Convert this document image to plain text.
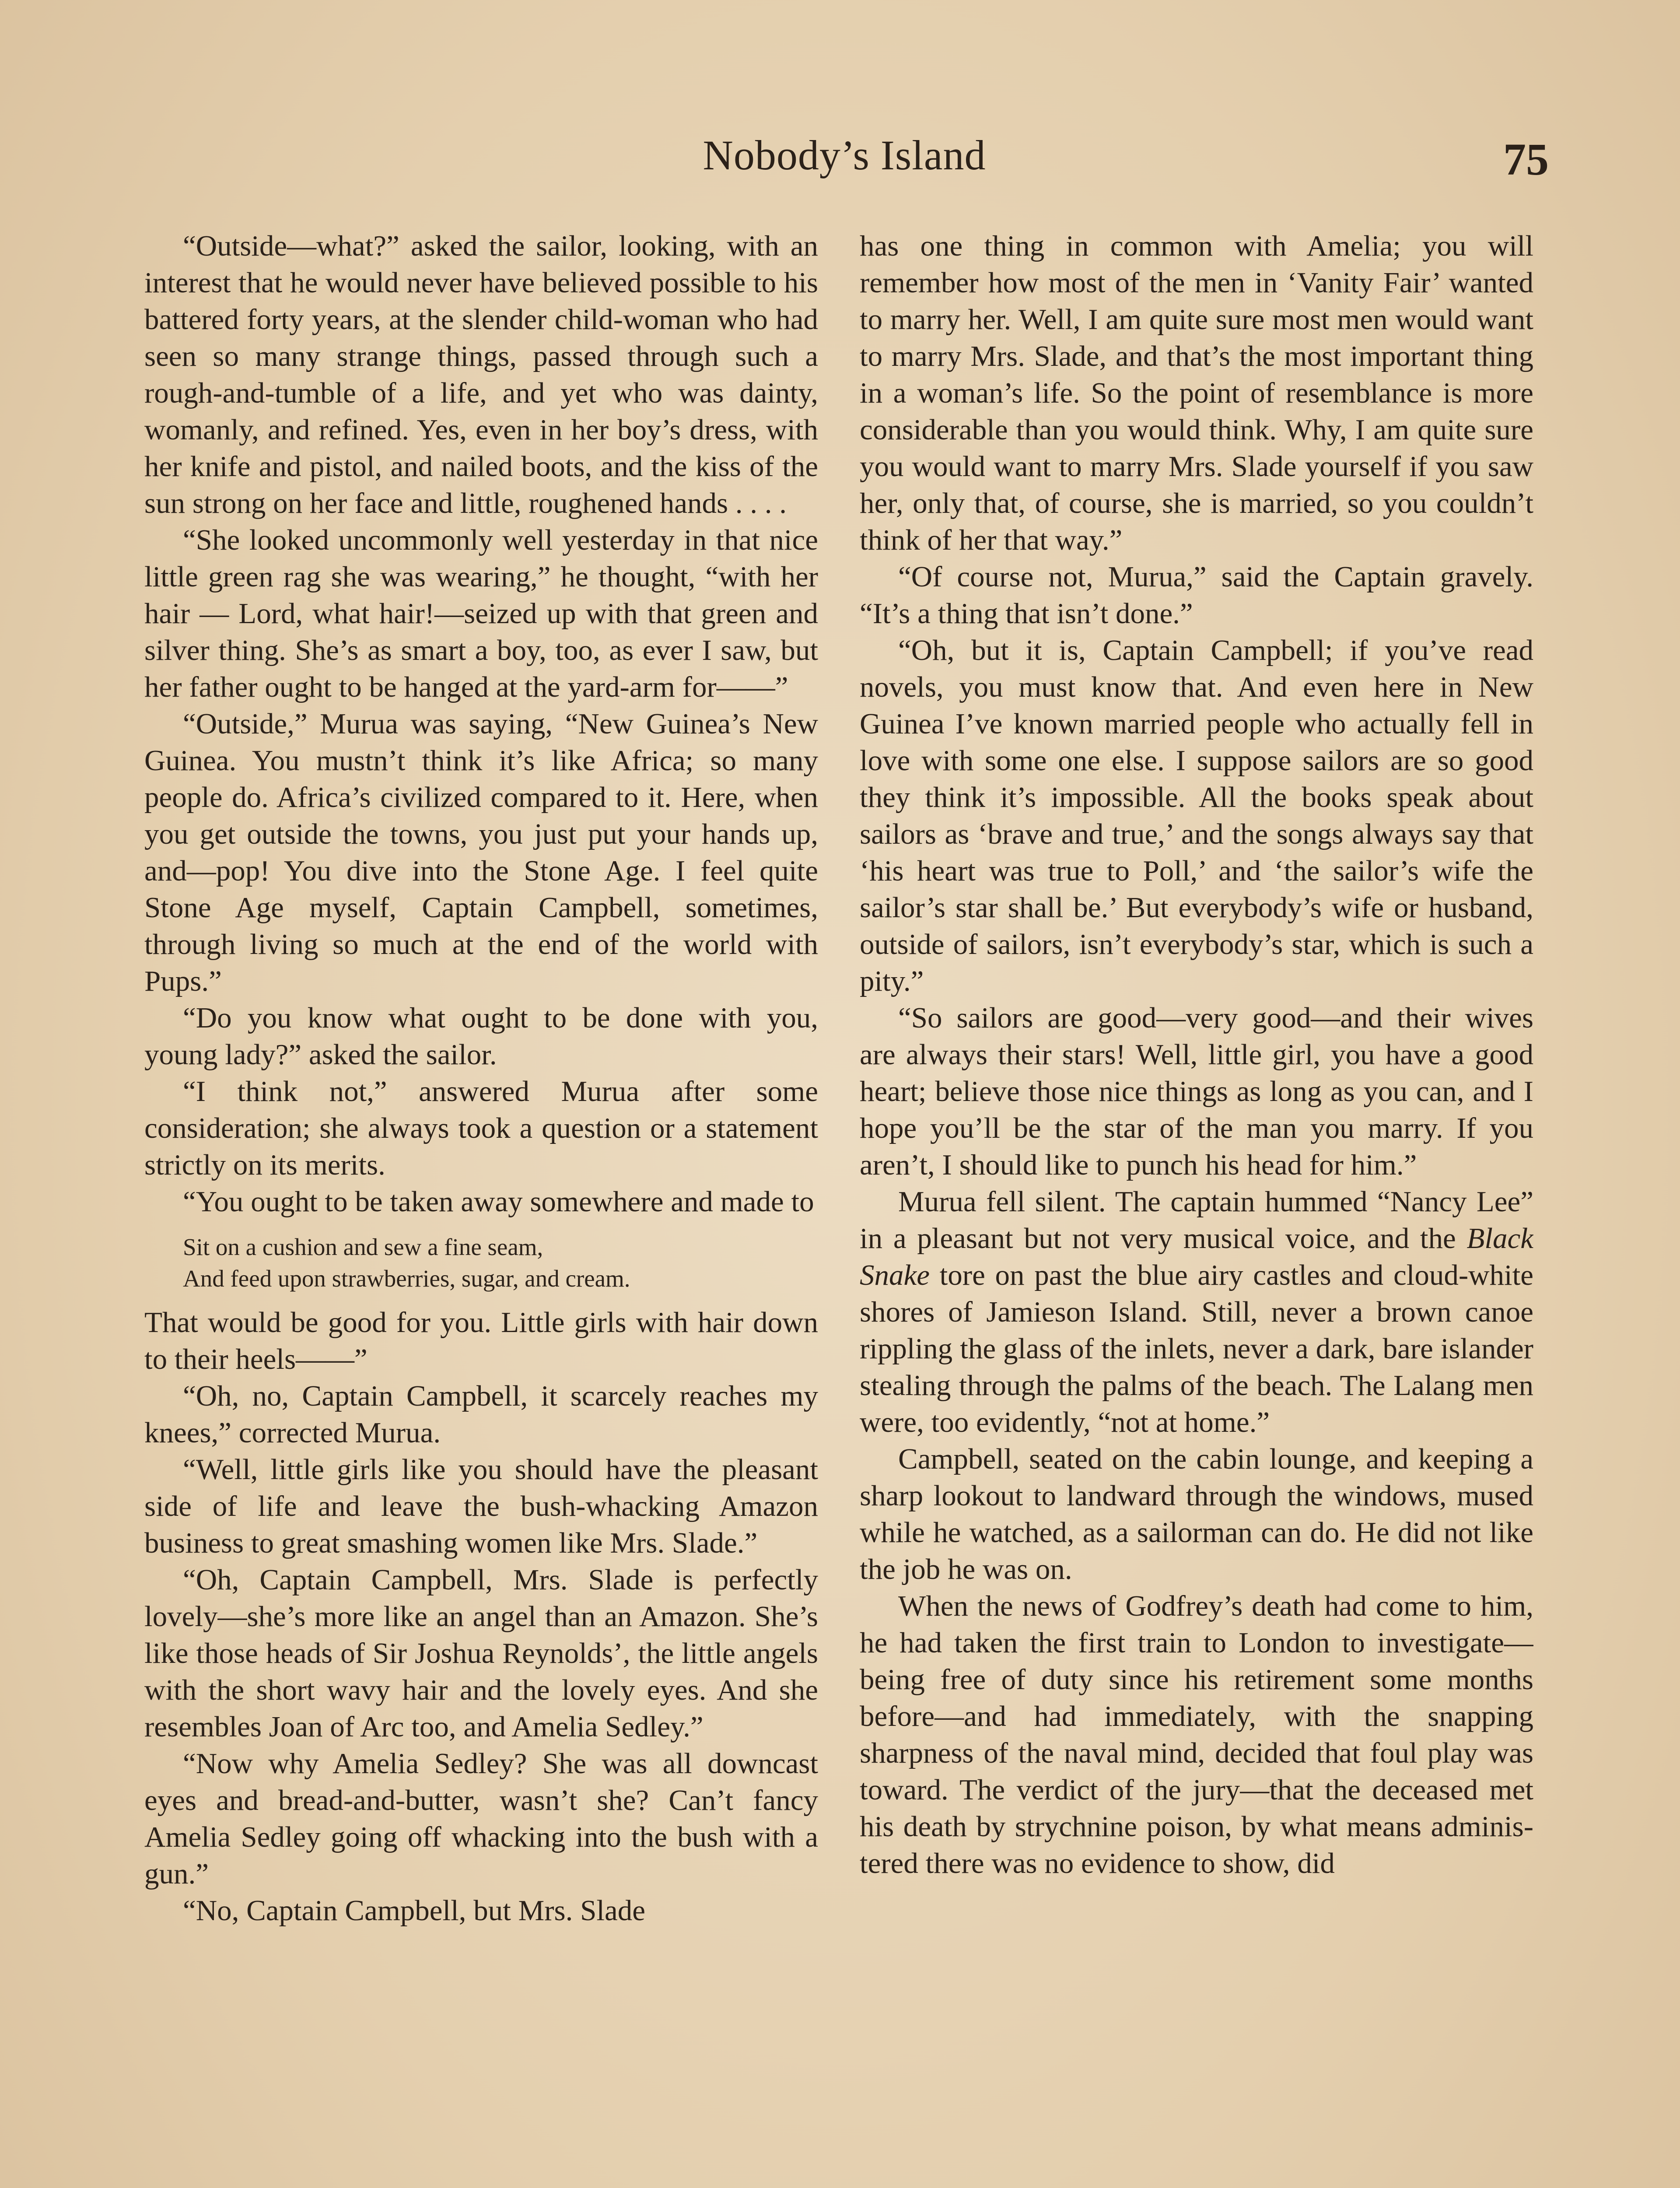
Nobody’s Island	75

“Outside—what?” asked the sailor, looking, with an interest that he would never have believed possible to his battered forty years, at the slender child-woman who had seen so many strange things, passed through such a rough-and-tumble of a life, and yet who was dainty, womanly, and refined. Yes, even in her boy’s dress, with her knife and pistol, and nailed boots, and the kiss of the sun strong on her face and little, roughened hands . . . .

“She looked uncommonly well yesterday in that nice little green rag she was wearing,” he thought, “with her hair — Lord, what hair!—seized up with that green and silver thing. She’s as smart a boy, too, as ever I saw, but her father ought to be hanged at the yard-arm for——”

“Outside,” Murua was saying, “New Guinea’s New Guinea. You mustn’t think it’s like Africa; so many people do. Africa’s civilized compared to it. Here, when you get outside the towns, you just put your hands up, and—pop! You dive into the Stone Age. I feel quite Stone Age myself, Captain Campbell, sometimes, through living so much at the end of the world with Pups.”

“Do you know what ought to be done with you, young lady?” asked the sailor.

“I think not,” answered Murua after some consideration; she always took a question or a statement strictly on its merits.

“You ought to be taken away somewhere and made to

Sit on a cushion and sew a fine seam,
And feed upon strawberries, sugar, and cream.

That would be good for you. Little girls with hair down to their heels——”

“Oh, no, Captain Campbell, it scarcely reaches my knees,” corrected Murua.

“Well, little girls like you should have the pleasant side of life and leave the bush-whacking Amazon business to great smashing women like Mrs. Slade.”

“Oh, Captain Campbell, Mrs. Slade is perfectly lovely—she’s more like an angel than an Amazon. She’s like those heads of Sir Joshua Reynolds’, the little angels with the short wavy hair and the lovely eyes. And she resembles Joan of Arc too, and Amelia Sedley.”

“Now why Amelia Sedley? She was all downcast eyes and bread-and-butter, wasn’t she? Can’t fancy Amelia Sedley going off whacking into the bush with a gun.”

“No, Captain Campbell, but Mrs. Slade

has one thing in common with Amelia; you will remember how most of the men in ‘Vanity Fair’ wanted to marry her. Well, I am quite sure most men would want to marry Mrs. Slade, and that’s the most important thing in a woman’s life. So the point of resemblance is more considerable than you would think. Why, I am quite sure you would want to marry Mrs. Slade yourself if you saw her, only that, of course, she is married, so you couldn’t think of her that way.”

“Of course not, Murua,” said the Captain gravely. “It’s a thing that isn’t done.”

“Oh, but it is, Captain Campbell; if you’ve read novels, you must know that. And even here in New Guinea I’ve known married people who actually fell in love with some one else. I suppose sailors are so good they think it’s impossible. All the books speak about sailors as ‘brave and true,’ and the songs always say that ‘his heart was true to Poll,’ and ‘the sailor’s wife the sailor’s star shall be.’ But everybody’s wife or husband, outside of sailors, isn’t everybody’s star, which is such a pity.”

“So sailors are good—very good—and their wives are always their stars! Well, little girl, you have a good heart; believe those nice things as long as you can, and I hope you’ll be the star of the man you marry. If you aren’t, I should like to punch his head for him.”

Murua fell silent. The captain hummed “Nancy Lee” in a pleasant but not very musical voice, and the Black Snake tore on past the blue airy castles and cloud-white shores of Jamieson Island. Still, never a brown canoe rippling the glass of the inlets, never a dark, bare islander stealing through the palms of the beach. The Lalang men were, too evidently, “not at home.”

Campbell, seated on the cabin lounge, and keeping a sharp lookout to landward through the windows, mused while he watched, as a sailorman can do. He did not like the job he was on.

When the news of Godfrey’s death had come to him, he had taken the first train to London to investigate—being free of duty since his retirement some months before—and had immediately, with the snapping sharpness of the naval mind, decided that foul play was toward. The verdict of the jury—that the deceased met his death by strychnine poison, by what means administered there was no evidence to show, did
